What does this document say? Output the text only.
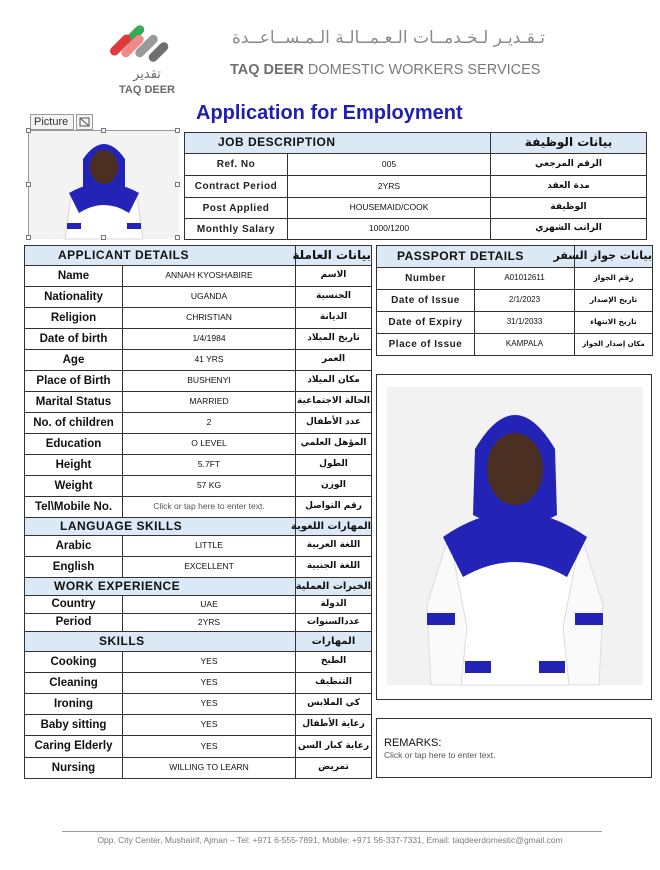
تقدير
TAQ DEER
تـقـديـر لـخـدمــات الـعـمــالـة الـمـســاعــدة
TAQ DEER DOMESTIC WORKERS SERVICES
Application for Employment
Picture
JOB DESCRIPTION		بيانات الوظيفة
Ref. No	005	الرقم المرجعي
Contract Period	2YRS	مدة العقد
Post Applied	HOUSEMAID/COOK	الوظيفة
Monthly Salary	1000/1200	الراتب الشهري
APPLICANT DETAILS		بيانات العاملة
Name	ANNAH KYOSHABIRE	الاسم
Nationality	UGANDA	الجنسية
Religion	CHRISTIAN	الديانة
Date of birth	1/4/1984	تاريخ الميلاد
Age	41 YRS	العمر
Place of Birth	BUSHENYI	مكان الميلاد
Marital Status	MARRIED	الحالة الاجتماعية
No. of children	2	عدد الأطفال
Education	O LEVEL	المؤهل العلمي
Height	5.7FT	الطول
Weight	57 KG	الوزن
Tel\Mobile No.	Click or tap here to enter text.	رقم التواصل
LANGUAGE SKILLS		المهارات اللغوية
Arabic	LITTLE	اللغة العربية
English	EXCELLENT	اللغة الجنبية
WORK EXPERIENCE		الخبرات العملية
Country	UAE	الدولة
Period	2YRS	عددالسنوات
SKILLS		المهارات
Cooking	YES	الطبخ
Cleaning	YES	التنظيف
Ironing	YES	كي الملابس
Baby sitting	YES	رعاية الأطفال
Caring Elderly	YES	رعاية كبار السن
Nursing	WILLING TO LEARN	تمريض
PASSPORT DETAILS		بيانات جواز السفر
Number	A01012611	رقم الجواز
Date of Issue	2/1/2023	تاريخ الإصدار
Date of Expiry	31/1/2033	تاريخ الانتهاء
Place of Issue	KAMPALA	مكان إصدار الجواز
REMARKS:
Click or tap here to enter text.
Opp. City Center, Mushairif, Ajman – Tel: +971 6-555-7891, Mobile: +971 56-337-7331, Email: taqdeerdomestic@gmail.com
